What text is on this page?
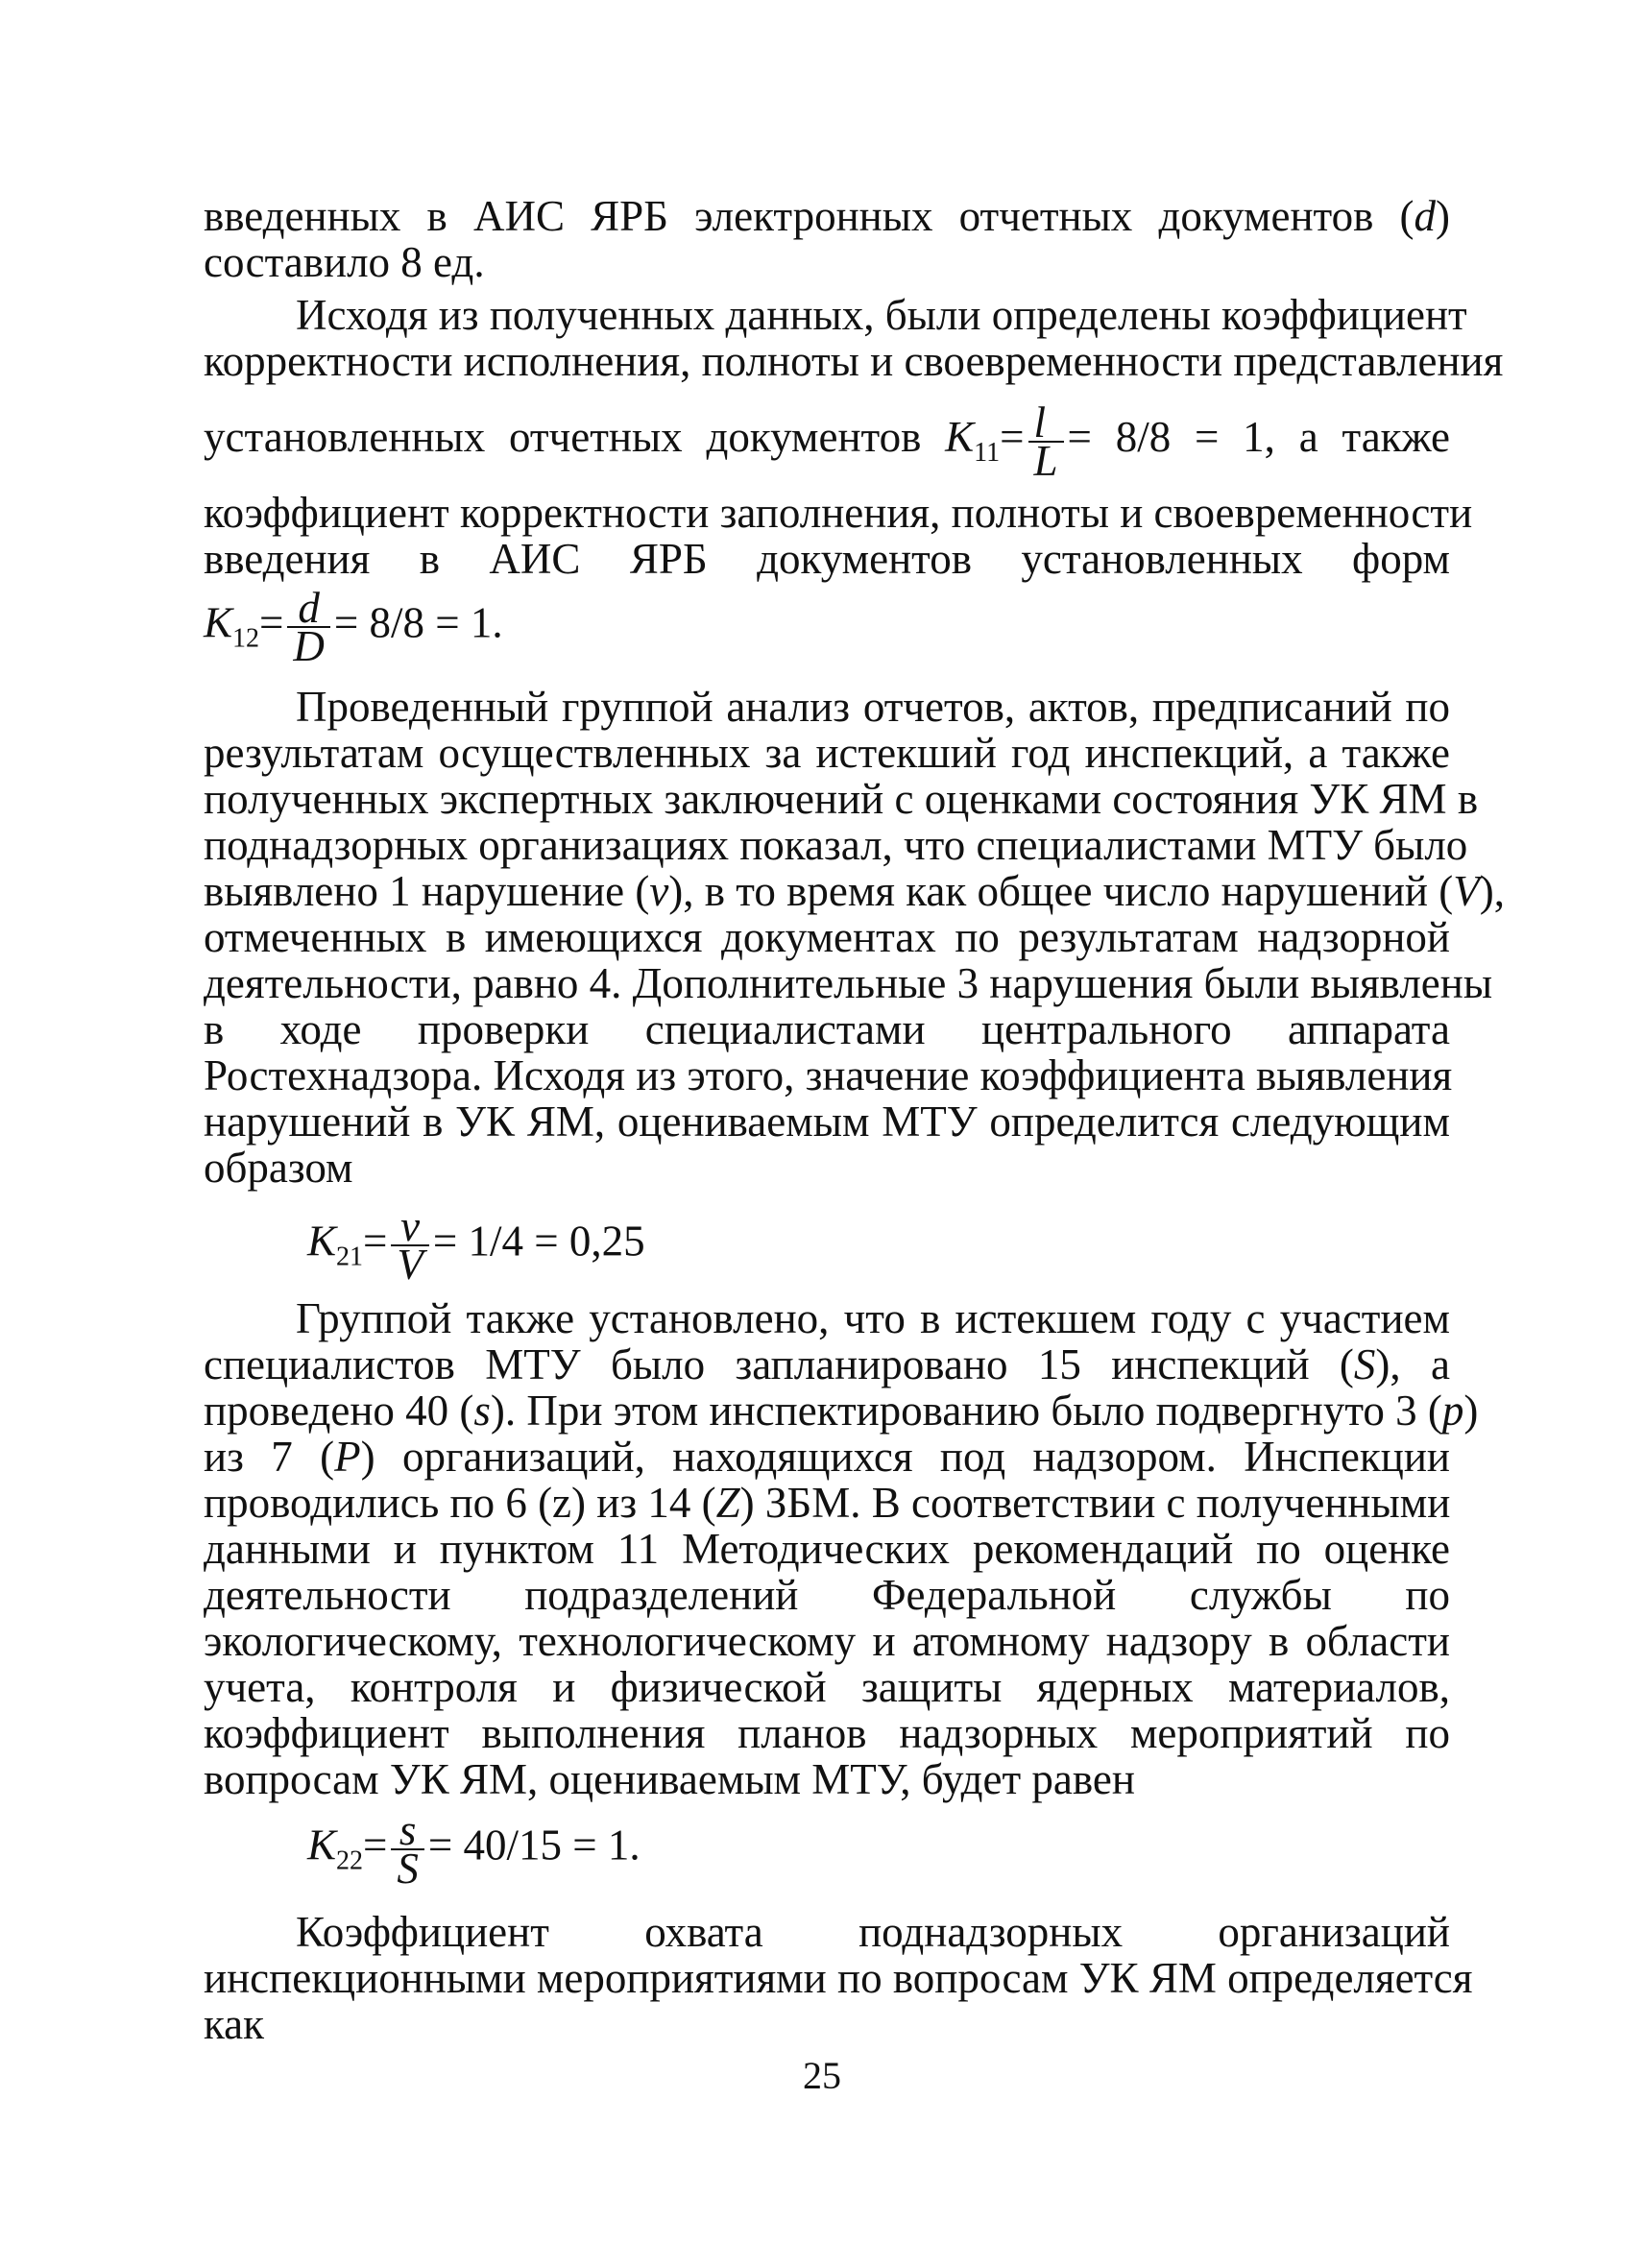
введенных в АИС ЯРБ электронных отчетных документов (d)
составило 8 ед.
Исходя из полученных данных, были определены коэффициент
корректности исполнения, полноты и своевременности представления
установленных отчетных документов $K_{11}= \frac{l}{L} = 8/8 = 1$, а также
коэффициент корректности заполнения, полноты и своевременности
введения в АИС ЯРБ документов установленных форм
$K_{12}= \frac{d}{D} = 8/8 = 1$.
Проведенный группой анализ отчетов, актов, предписаний по
результатам осуществленных за истекший год инспекций, а также
полученных экспертных заключений с оценками состояния УК ЯМ в
поднадзорных организациях показал, что специалистами МТУ было
выявлено 1 нарушение (v), в то время как общее число нарушений (V),
отмеченных в имеющихся документах по результатам надзорной
деятельности, равно 4. Дополнительные 3 нарушения были выявлены
в ходе проверки специалистами центрального аппарата
Ростехнадзора. Исходя из этого, значение коэффициента выявления
нарушений в УК ЯМ, оцениваемым МТУ определится следующим
образом
$K_{21}= \frac{v}{V} = 1/4 = 0,25$
Группой также установлено, что в истекшем году с участием
специалистов МТУ было запланировано 15 инспекций (S), а
проведено 40 (s). При этом инспектированию было подвергнуто 3 (p)
из 7 (P) организаций, находящихся под надзором. Инспекции
проводились по 6 (z) из 14 (Z) ЗБМ. В соответствии с полученными
данными и пунктом 11 Методических рекомендаций по оценке
деятельности подразделений Федеральной службы по
экологическому, технологическому и атомному надзору в области
учета, контроля и физической защиты ядерных материалов,
коэффициент выполнения планов надзорных мероприятий по
вопросам УК ЯМ, оцениваемым МТУ, будет равен
$K_{22}= \frac{s}{S} = 40/15 = 1$.
Коэффициент охвата поднадзорных организаций
инспекционными мероприятиями по вопросам УК ЯМ определяется
как
25
